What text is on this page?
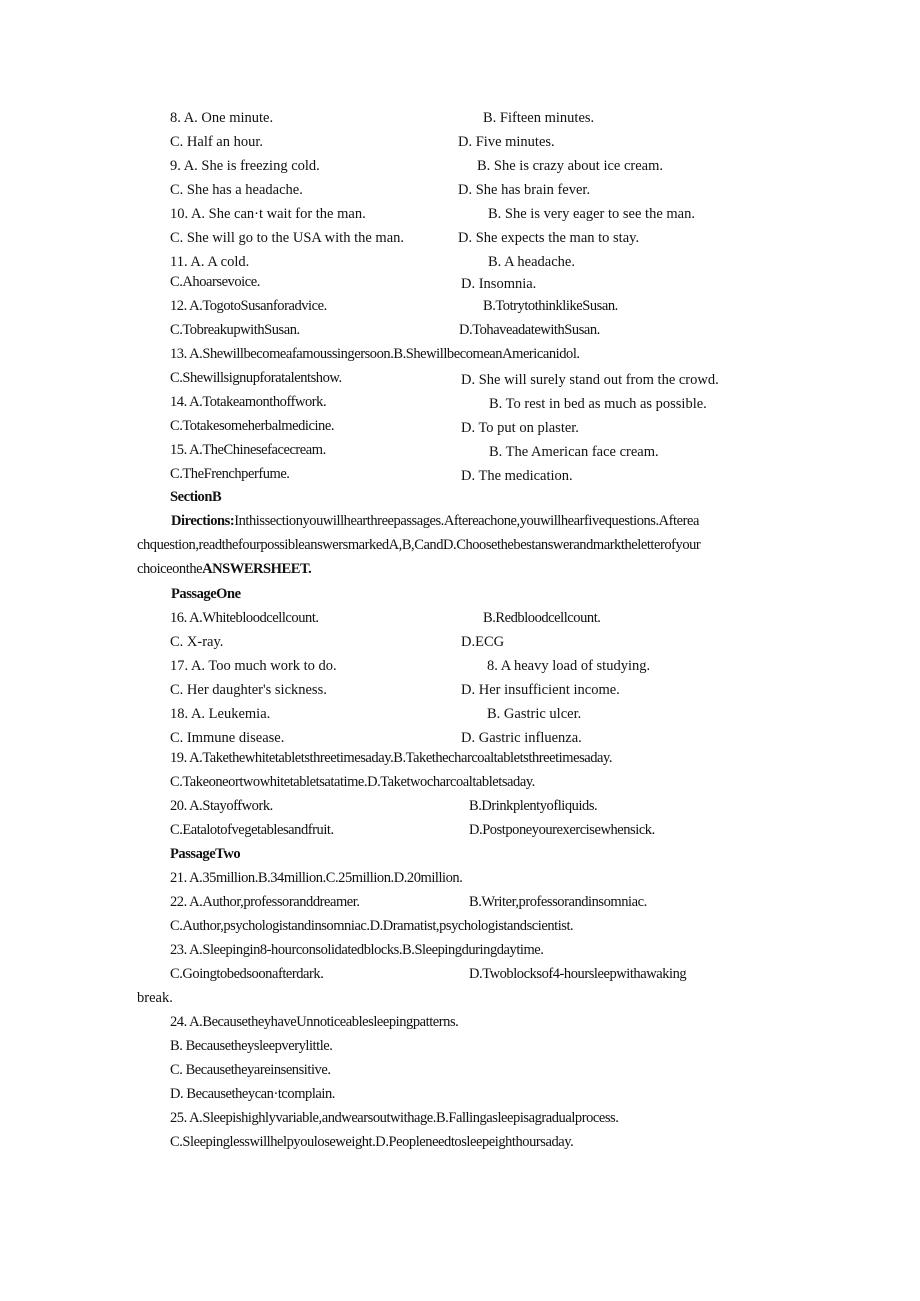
8. A. One minute.	B. Fifteen minutes.
C. Half an hour.	D. Five minutes.
9. A. She is freezing cold.	B. She is crazy about ice cream.
C. She has a headache.	D. She has brain fever.
10. A. She can·t wait for the man.	B. She is very eager to see the man.
C. She will go to the USA with the man.	D. She expects the man to stay.
11. A. A cold.	B. A headache.
C.Ahoarsevoice.	D. Insomnia.
12. A.TogotoSusanforadvice.	B.TotrytothinklikeSusan.
C.TobreakupwithSusan.	D.TohaveadatewithSusan.
13. A.Shewillbecomeafamoussingersoon.B.ShewillbecomeanAmericanidol.
C.Shewillsignupforatalentshow.	D. She will surely stand out from the crowd.
14. A.Totakeamonthoffwork.	B. To rest in bed as much as possible.
C.Totakesomeherbalmedicine.	D. To put on plaster.
15. A.TheChinesefacecream.	B. The American face cream.
C.TheFrenchperfume.	D. The medication.
SectionB
Directions:Inthissectionyouwillhearthreepassages.Aftereachone,youwillhearfivequestions.Afterea
chquestion,readthefourpossibleanswersmarkedA,B,CandD.Choosethebestanswerandmarktheletterofyour
choiceontheANSWERSHEET.
PassageOne
16. A.Whitebloodcellcount.	B.Redbloodcellcount.
C. X-ray.	D.ECG
17. A. Too much work to do.	8. A heavy load of studying.
C. Her daughter's sickness.	D. Her insufficient income.
18. A. Leukemia.	B. Gastric ulcer.
C. Immune disease.	D. Gastric influenza.
19. A.Takethewhitetabletsthreetimesaday.B.Takethecharcoaltabletsthreetimesaday.
C.Takeoneortwowhitetabletsatatime.D.Taketwocharcoaltabletsaday.
20. A.Stayoffwork.	B.Drinkplentyofliquids.
C.Eatalotofvegetablesandfruit.	D.Postponeyourexercisewhensick.
PassageTwo
21. A.35million.B.34million.C.25million.D.20million.
22. A.Author,professoranddreamer.	B.Writer,professorandinsomniac.
C.Author,psychologistandinsomniac.D.Dramatist,psychologistandscientist.
23. A.Sleepingin8-hourconsolidatedblocks.B.Sleepingduringdaytime.
C.Goingtobedsoonafterdark.	D.Twoblocksof4-hoursleepwithawaking
break.
24. A.BecausetheyhaveUnnoticeablesleepingpatterns.
B. Becausetheysleepverylittle.
C. Becausetheyareinsensitive.
D. Becausetheycan·tcomplain.
25. A.Sleepishighlyvariable,andwearsoutwithage.B.Fallingasleepisagradualprocess.
C.Sleepinglesswillhelpyouloseweight.D.Peopleneedtosleepeighthoursaday.
